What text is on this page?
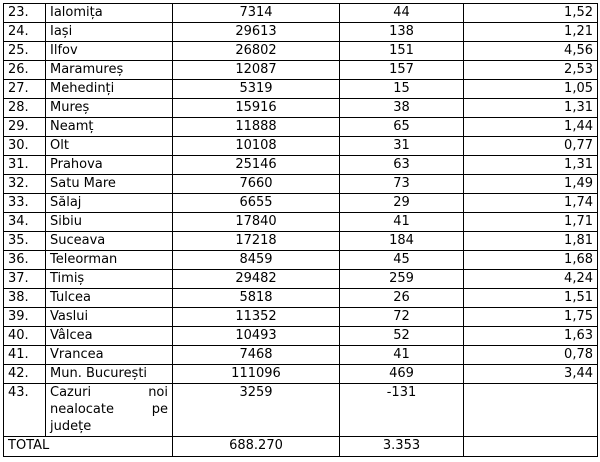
23.	Ialomița	7314	44	1,52
24.	Iași	29613	138	1,21
25.	Ilfov	26802	151	4,56
26.	Maramureș	12087	157	2,53
27.	Mehedinți	5319	15	1,05
28.	Mureș	15916	38	1,31
29.	Neamț	11888	65	1,44
30.	Olt	10108	31	0,77
31.	Prahova	25146	63	1,31
32.	Satu Mare	7660	73	1,49
33.	Sălaj	6655	29	1,74
34.	Sibiu	17840	41	1,71
35.	Suceava	17218	184	1,81
36.	Teleorman	8459	45	1,68
37.	Timiș	29482	259	4,24
38.	Tulcea	5818	26	1,51
39.	Vaslui	11352	72	1,75
40.	Vâlcea	10493	52	1,63
41.	Vrancea	7468	41	0,78
42.	Mun. București	111096	469	3,44
43.	Cazuri noi
nealocate pe
județe	3259	-131	
TOTAL		688.270	3.353	
